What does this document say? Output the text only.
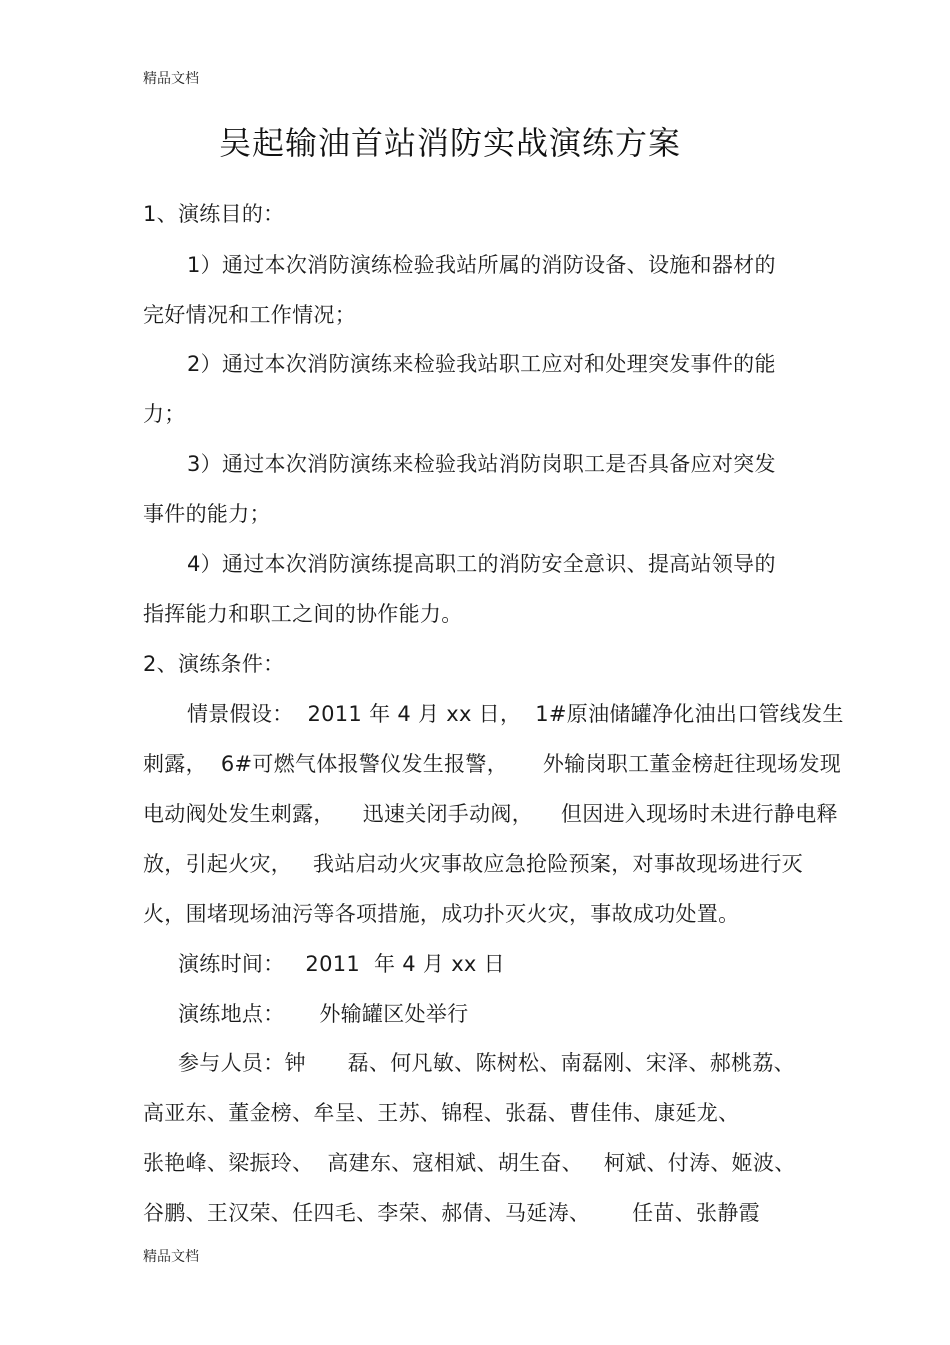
精品文档
吴起输油首站消防实战演练方案
1、演练目的：
1）通过本次消防演练检验我站所属的消防设备、设施和器材的
完好情况和工作情况；
2）通过本次消防演练来检验我站职工应对和处理突发事件的能
力；
3）通过本次消防演练来检验我站消防岗职工是否具备应对突发
事件的能力；
4）通过本次消防演练提高职工的消防安全意识、提高站领导的
指挥能力和职工之间的协作能力。
2、演练条件：
情景假设：  2011 年 4 月 xx 日，  1#原油储罐净化油出口管线发生
刺露，  6#可燃气体报警仪发生报警，     外输岗职工董金榜赶往现场发现
电动阀处发生刺露，    迅速关闭手动阀，    但因进入现场时未进行静电释
放，引起火灾，   我站启动火灾事故应急抢险预案，对事故现场进行灭
火，围堵现场油污等各项措施，成功扑灭火灾，事故成功处置。
演练时间：   2011  年 4 月 xx 日
演练地点：     外输罐区处举行
参与人员：钟      磊、何凡敏、陈树松、南磊刚、宋泽、郝桃荔、
高亚东、董金榜、牟呈、王苏、锦程、张磊、曹佳伟、康延龙、
张艳峰、梁振玲、  高建东、寇相斌、胡生奋、   柯斌、付涛、姬波、
谷鹏、王汉荣、任四毛、李荣、郝倩、马延涛、      任苗、张静霞
精品文档
